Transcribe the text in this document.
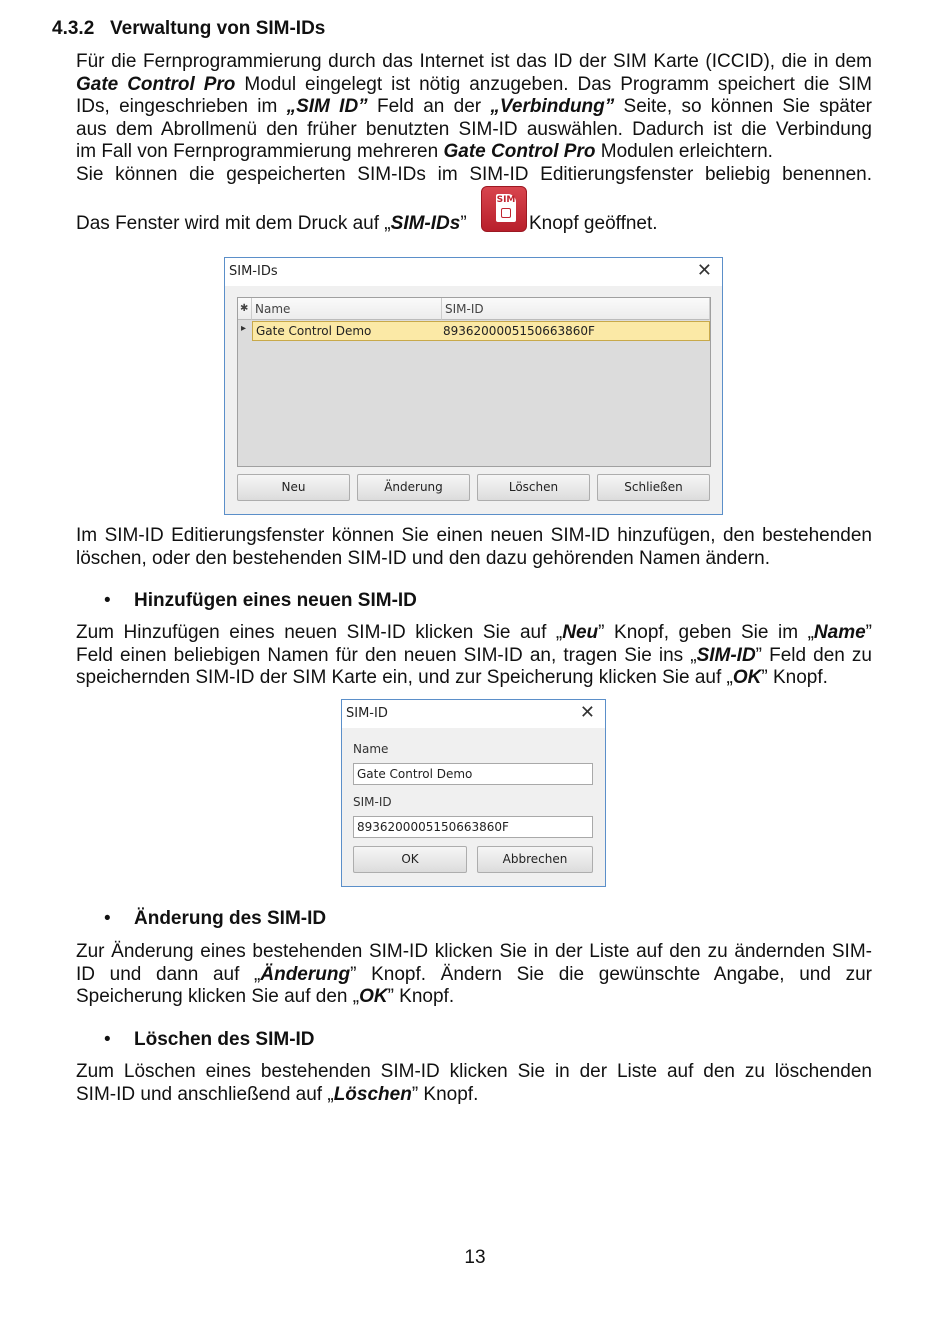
4.3.2 Verwaltung von SIM-IDs
Für die Fernprogrammierung durch das Internet ist das ID der SIM Karte (ICCID), die in dem
Gate Control Pro Modul eingelegt ist nötig anzugeben. Das Programm speichert die SIM
IDs, eingeschrieben im „SIM ID” Feld an der „Verbindung” Seite, so können Sie später
aus dem Abrollmenü den früher benutzten SIM-ID auswählen. Dadurch ist die Verbindung
im Fall von Fernprogrammierung mehreren Gate Control Pro Modulen erleichtern.
Sie können die gespeicherten SIM-IDs im SIM-ID Editierungsfenster beliebig benennen.
Das Fenster wird mit dem Druck auf „SIM-IDs”
SIM
Knopf geöffnet.
SIM-IDs	✕
✱ Name	SIM-ID
▸ Gate Control Demo	8936200005150663860F
Neu	Änderung	Löschen	Schließen
Im SIM-ID Editierungsfenster können Sie einen neuen SIM-ID hinzufügen, den bestehenden
löschen, oder den bestehenden SIM-ID und den dazu gehörenden Namen ändern.
• Hinzufügen eines neuen SIM-ID
Zum Hinzufügen eines neuen SIM-ID klicken Sie auf „Neu” Knopf, geben Sie im „Name”
Feld einen beliebigen Namen für den neuen SIM-ID an, tragen Sie ins „SIM-ID” Feld den zu
speichernden SIM-ID der SIM Karte ein, und zur Speicherung klicken Sie auf „OK” Knopf.
SIM-ID	✕
Name
Gate Control Demo
SIM-ID
8936200005150663860F
OK	Abbrechen
• Änderung des SIM-ID
Zur Änderung eines bestehenden SIM-ID klicken Sie in der Liste auf den zu ändernden SIM-
ID und dann auf „Änderung” Knopf. Ändern Sie die gewünschte Angabe, und zur
Speicherung klicken Sie auf den „OK” Knopf.
• Löschen des SIM-ID
Zum Löschen eines bestehenden SIM-ID klicken Sie in der Liste auf den zu löschenden
SIM-ID und anschließend auf „Löschen” Knopf.
13
